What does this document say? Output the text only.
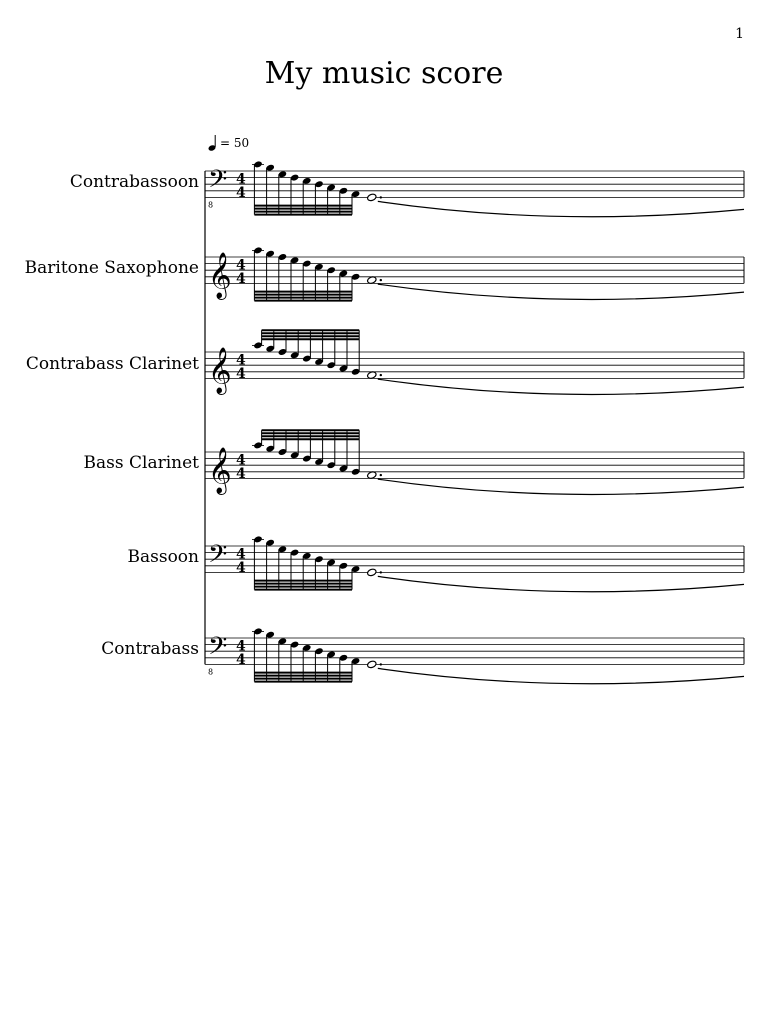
1
My music score
= 50
Contrabassoon
Baritone Saxophone
Contrabass Clarinet
Bass Clarinet
Bassoon
Contrabass
𝄢
8
4
4
𝄞 4
4
𝄞 4
4
𝄞 4
4
𝄢 4
4
𝄢
8
4
4
